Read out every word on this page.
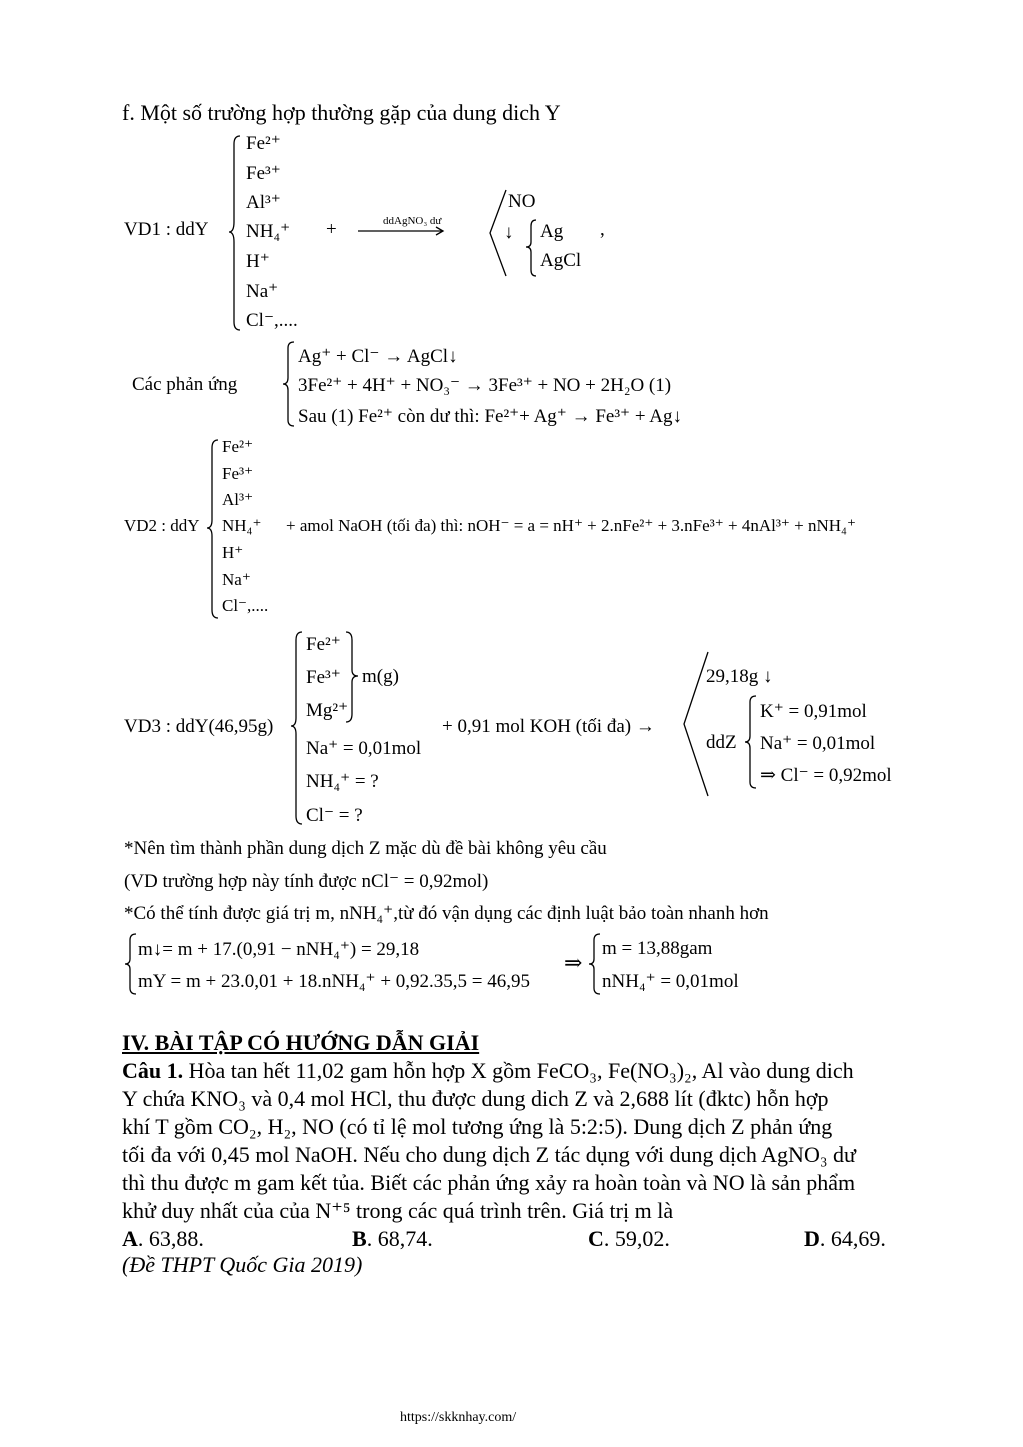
f. Một số trường hợp thường gặp của dung dich Y
VD1 : ddY
Fe²⁺
Fe³⁺
Al³⁺
NH₄⁺
H⁺
Na⁺
Cl⁻,....
+	ddAgNO₃ dư
NO
↓ Ag
AgCl
,
Các phản ứng
Ag⁺ + Cl⁻ → AgCl↓
3Fe²⁺ + 4H⁺ + NO₃⁻ → 3Fe³⁺ + NO + 2H₂O (1)
Sau (1) Fe²⁺ còn dư thì: Fe²⁺+ Ag⁺ → Fe³⁺ + Ag↓
VD2 : ddY
Fe²⁺
Fe³⁺
Al³⁺
NH₄⁺
H⁺
Na⁺
Cl⁻,....
+ amol NaOH (tối đa) thì: nOH⁻ = a = nH⁺ + 2.nFe²⁺ + 3.nFe³⁺ + 4nAl³⁺ + nNH₄⁺
VD3 : ddY(46,95g)
Fe²⁺
Fe³⁺
Mg²⁺
m(g)
Na⁺ = 0,01mol
NH₄⁺ = ?
Cl⁻ = ?
+ 0,91 mol KOH (tối đa) →
29,18g ↓
ddZ
K⁺ = 0,91mol
Na⁺ = 0,01mol
⇒ Cl⁻ = 0,92mol
*Nên tìm thành phần dung dịch Z mặc dù đề bài không yêu cầu
(VD trường hợp này tính được nCl⁻ = 0,92mol)
*Có thể tính được giá trị m, nNH₄⁺,từ đó vận dụng các định luật bảo toàn nhanh hơn
m↓= m + 17.(0,91 − nNH₄⁺) = 29,18
mY = m + 23.0,01 + 18.nNH₄⁺ + 0,92.35,5 = 46,95
⇒
m = 13,88gam
nNH₄⁺ = 0,01mol
IV. BÀI TẬP CÓ HƯỚNG DẪN GIẢI
Câu 1. Hòa tan hết 11,02 gam hỗn hợp X gồm FeCO₃, Fe(NO₃)₂, Al vào dung dich
Y chứa KNO₃ và 0,4 mol HCl, thu được dung dich Z và 2,688 lít (đktc) hỗn hợp
khí T gồm CO₂, H₂, NO (có tỉ lệ mol tương ứng là 5:2:5). Dung dịch Z phản ứng
tối đa với 0,45 mol NaOH. Nếu cho dung dịch Z tác dụng với dung dịch AgNO₃ dư
thì thu được m gam kết tủa. Biết các phản ứng xảy ra hoàn toàn và NO là sản phẩm
khử duy nhất của của N⁺⁵ trong các quá trình trên. Giá trị m là
A. 63,88.	B. 68,74.	C. 59,02.	D. 64,69.
(Đề THPT Quốc Gia 2019)
https://skknhay.com/
